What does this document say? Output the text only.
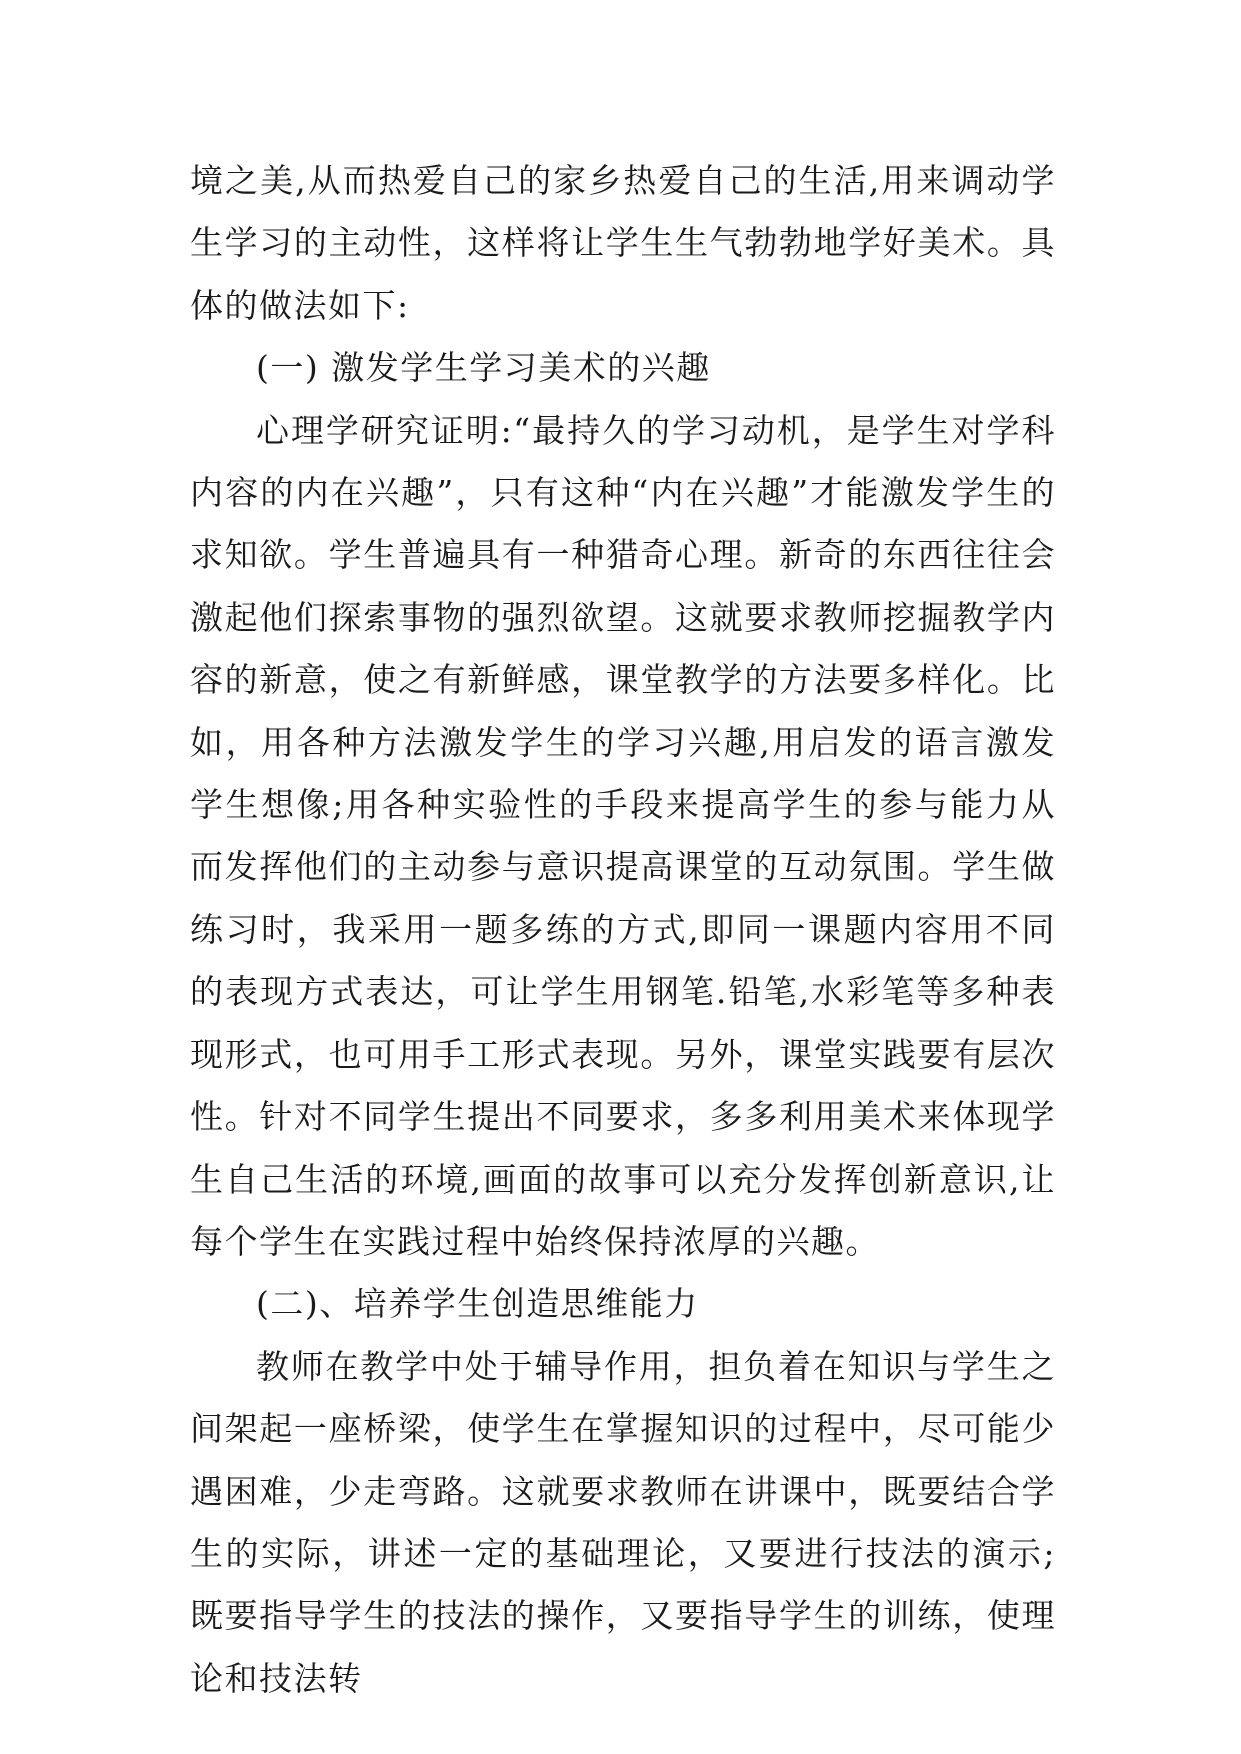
境之美,从而热爱自己的家乡热爱自己的生活,用来调动学生学习的主动性，这样将让学生生气勃勃地学好美术。具体的做法如下:

(一) 激发学生学习美术的兴趣

心理学研究证明:“最持久的学习动机，是学生对学科内容的内在兴趣”，只有这种“内在兴趣”才能激发学生的求知欲。学生普遍具有一种猎奇心理。新奇的东西往往会激起他们探索事物的强烈欲望。这就要求教师挖掘教学内容的新意，使之有新鲜感，课堂教学的方法要多样化。比如，用各种方法激发学生的学习兴趣,用启发的语言激发学生想像;用各种实验性的手段来提高学生的参与能力从而发挥他们的主动参与意识提高课堂的互动氛围。学生做练习时，我采用一题多练的方式,即同一课题内容用不同的表现方式表达，可让学生用钢笔.铅笔,水彩笔等多种表现形式，也可用手工形式表现。另外，课堂实践要有层次性。针对不同学生提出不同要求，多多利用美术来体现学生自己生活的环境,画面的故事可以充分发挥创新意识,让每个学生在实践过程中始终保持浓厚的兴趣。

(二)、培养学生创造思维能力

教师在教学中处于辅导作用，担负着在知识与学生之间架起一座桥梁，使学生在掌握知识的过程中，尽可能少遇困难，少走弯路。这就要求教师在讲课中，既要结合学生的实际，讲述一定的基础理论，又要进行技法的演示;既要指导学生的技法的操作，又要指导学生的训练，使理论和技法转
